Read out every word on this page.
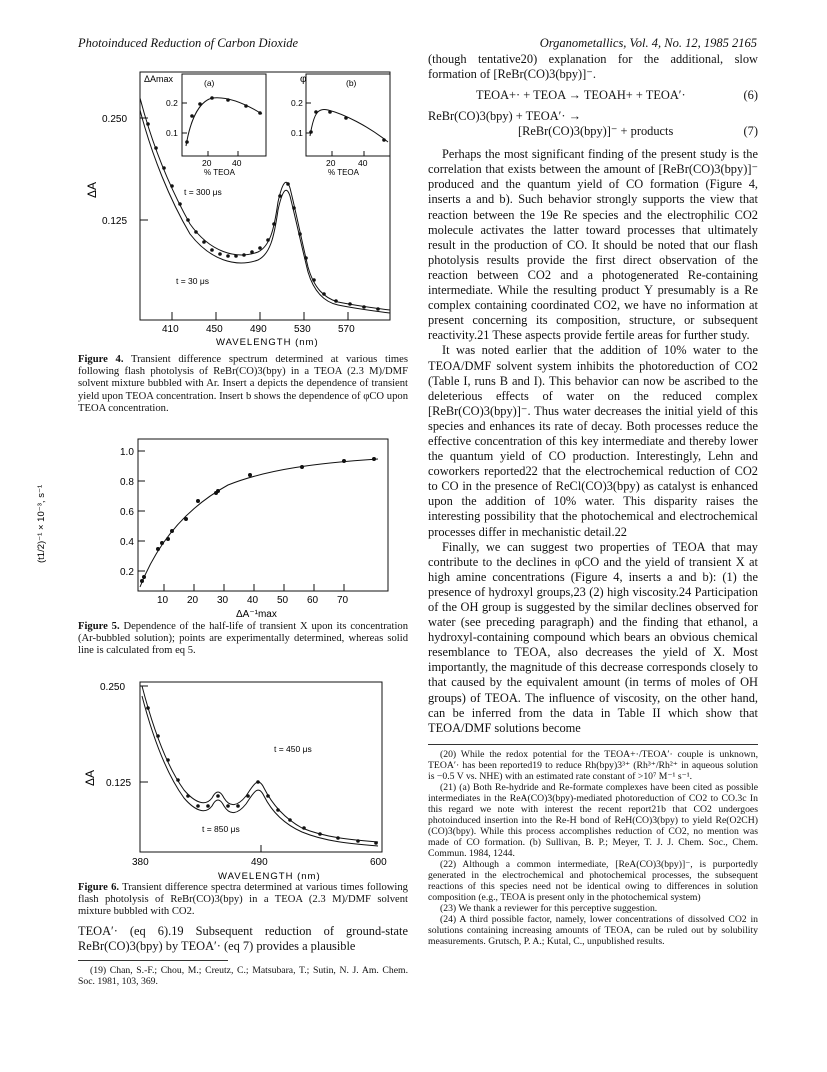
Photoinduced Reduction of Carbon Dioxide	Organometallics, Vol. 4, No. 12, 1985 2165
0.250
0.125
ΔA
410	450	490	530	570
WAVELENGTH (nm)
t = 300 μs
t = 30 μs
ΔAmax	(a)
0.2
0.1
20 40
% TEOA
φ	(b)
0.2
0.1
20	40
% TEOA

Figure 4. Transient difference spectrum determined at various times following flash photolysis of ReBr(CO)3(bpy) in a TEOA (2.3 M)/DMF solvent mixture bubbled with Ar. Insert a depicts the dependence of transient yield upon TEOA concentration. Insert b shows the dependence of φCO upon TEOA concentration.

1.0
0.8
0.6
0.4
0.2
(t1/2)⁻¹ × 10⁻³, s⁻¹
10 20 30 40 50 60 70
ΔA⁻¹max

Figure 5. Dependence of the half-life of transient X upon its concentration (Ar-bubbled solution); points are experimentally determined, whereas solid line is calculated from eq 5.

0.250
0.125
ΔA
380	490	600
WAVELENGTH (nm)
t = 450 μs
t = 850 μs

Figure 6. Transient difference spectra determined at various times following flash photolysis of ReBr(CO)3(bpy) in a TEOA (2.3 M)/DMF solvent mixture bubbled with CO2.

TEOA′· (eq 6).19 Subsequent reduction of ground-state ReBr(CO)3(bpy) by TEOA′· (eq 7) provides a plausible

(19) Chan, S.-F.; Chou, M.; Creutz, C.; Matsubara, T.; Sutin, N. J. Am. Chem. Soc. 1981, 103, 369.

(though tentative20) explanation for the additional, slow formation of [ReBr(CO)3(bpy)]⁻.

TEOA+· + TEOA → TEOAH+ + TEOA′·	(6)
ReBr(CO)3(bpy) + TEOA′· →
[ReBr(CO)3(bpy)]⁻ + products	(7)

Perhaps the most significant finding of the present study is the correlation that exists between the amount of [ReBr(CO)3(bpy)]⁻ produced and the quantum yield of CO formation (Figure 4, inserts a and b). Such behavior strongly supports the view that reaction between the 19e Re species and the electrophilic CO2 molecule activates the latter toward processes that ultimately result in the production of CO. It should be noted that our flash photolysis results provide the first direct observation of the reaction between CO2 and a photogenerated Re-containing intermediate. While the resulting product Y presumably is a Re complex containing coordinated CO2, we have no information at present concerning its composition, structure, or subsequent reactivity.21 These aspects provide fertile areas for further study.

It was noted earlier that the addition of 10% water to the TEOA/DMF solvent system inhibits the photoreduction of CO2 (Table I, runs B and I). This behavior can now be ascribed to the deleterious effects of water on the reduced complex [ReBr(CO)3(bpy)]⁻. Thus water decreases the initial yield of this species and enhances its rate of decay. Both processes reduce the effective concentration of this key intermediate and thereby lower the quantum yield of CO production. Interestingly, Lehn and coworkers reported22 that the electrochemical reduction of CO2 to CO in the presence of ReCl(CO)3(bpy) as catalyst is enhanced upon the addition of 10% water. This disparity raises the interesting possibility that the photochemical and electrochemical processes differ in mechanistic detail.22

Finally, we can suggest two properties of TEOA that may contribute to the declines in φCO and the yield of transient X at high amine concentrations (Figure 4, inserts a and b): (1) the presence of hydroxyl groups,23 (2) high viscosity.24 Participation of the OH group is suggested by the similar declines observed for water (see preceding paragraph) and the finding that ethanol, a hydroxyl-containing compound which bears an obvious chemical resemblance to TEOA, also decreases the yield of X. Most importantly, the magnitude of this decrease corresponds closely to that caused by the equivalent amount (in terms of moles of OH groups) of TEOA. The influence of viscosity, on the other hand, can be inferred from the data in Table II which show that TEOA/DMF solutions become

(20) While the redox potential for the TEOA+·/TEOA′· couple is unknown, TEOA′· has been reported19 to reduce Rh(bpy)3³⁺ (Rh³⁺/Rh²⁺ in aqueous solution is −0.5 V vs. NHE) with an estimated rate constant of >10⁷ M⁻¹ s⁻¹.

(21) (a) Both Re-hydride and Re-formate complexes have been cited as possible intermediates in the ReA(CO)3(bpy)-mediated photoreduction of CO2 to CO.3c In this regard we note with interest the recent report21b that CO2 undergoes photoinduced insertion into the Re-H bond of ReH(CO)3(bpy) to yield Re(O2CH)(CO)3(bpy). While this process accomplishes reduction of CO2, no mention was made of CO formation. (b) Sullivan, B. P.; Meyer, T. J. J. Chem. Soc., Chem. Commun. 1984, 1244.

(22) Although a common intermediate, [ReA(CO)3(bpy)]⁻, is purportedly generated in the electrochemical and photochemical processes, the subsequent reactions of this species need not be identical owing to differences in solution composition (e.g., TEOA is present only in the photochemical system)

(23) We thank a reviewer for this perceptive suggestion.

(24) A third possible factor, namely, lower concentrations of dissolved CO2 in solutions containing increasing amounts of TEOA, can be ruled out by solubility measurements. Grutsch, P. A.; Kutal, C., unpublished results.
